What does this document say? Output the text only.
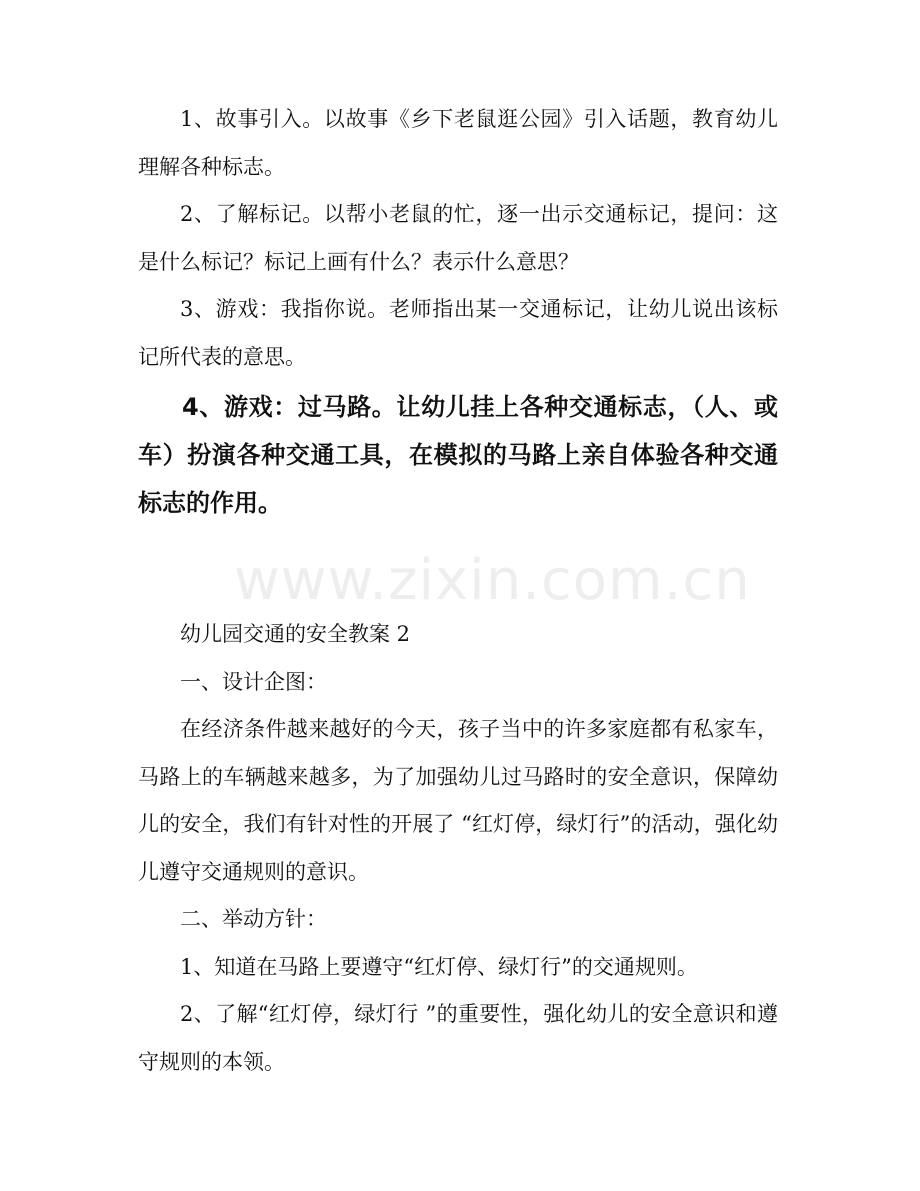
www.zixin.com.cn

1、故事引入。以故事《乡下老鼠逛公园》引入话题，教育幼儿理解各种标志。

2、了解标记。以帮小老鼠的忙，逐一出示交通标记，提问：这是什么标记？标记上画有什么？表示什么意思？

3、游戏：我指你说。老师指出某一交通标记，让幼儿说出该标记所代表的意思。

4、游戏：过马路。让幼儿挂上各种交通标志，（人、或车）扮演各种交通工具，在模拟的马路上亲自体验各种交通标志的作用。

幼儿园交通的安全教案 2

一、设计企图：

在经济条件越来越好的今天，孩子当中的许多家庭都有私家车，马路上的车辆越来越多，为了加强幼儿过马路时的安全意识，保障幼儿的安全，我们有针对性的开展了 “红灯停，绿灯行”的活动，强化幼儿遵守交通规则的意识。

二、举动方针：

1、知道在马路上要遵守“红灯停、绿灯行”的交通规则。

2、了解“红灯停，绿灯行 ”的重要性，强化幼儿的安全意识和遵守规则的本领。
